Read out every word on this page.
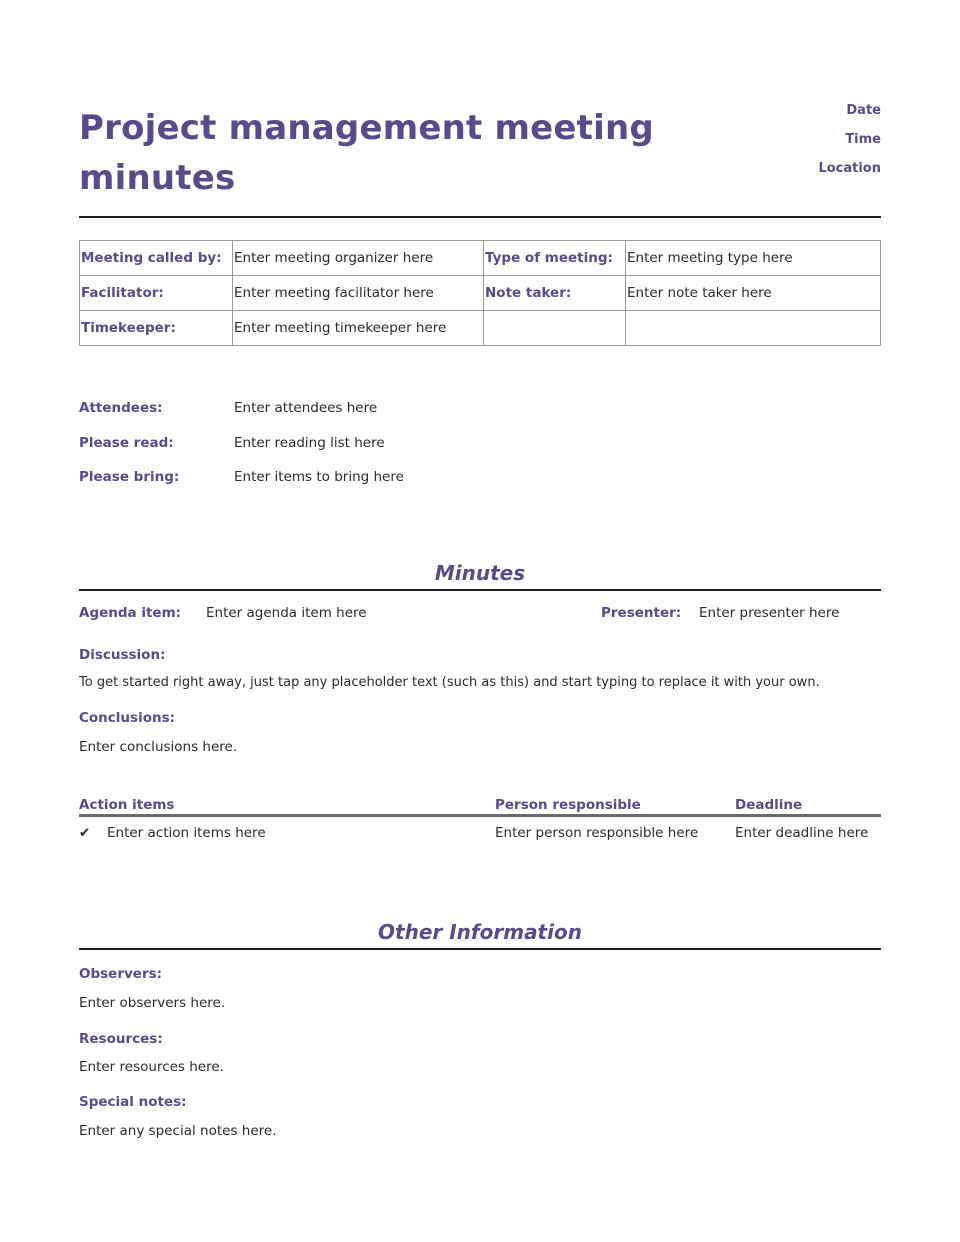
Project management meeting minutes
Date
Time
Location
Meeting called by:	Enter meeting organizer here	Type of meeting:	Enter meeting type here
Facilitator:	Enter meeting facilitator here	Note taker:	Enter note taker here
Timekeeper:	Enter meeting timekeeper here		
Attendees:	Enter attendees here
Please read:	Enter reading list here
Please bring:	Enter items to bring here
Minutes
Agenda item: Enter agenda item here	Presenter: Enter presenter here
Discussion:
To get started right away, just tap any placeholder text (such as this) and start typing to replace it with your own.
Conclusions:
Enter conclusions here.
Action items	Person responsible	Deadline
✔ Enter action items here	Enter person responsible here	Enter deadline here
Other Information
Observers:
Enter observers here.
Resources:
Enter resources here.
Special notes:
Enter any special notes here.
